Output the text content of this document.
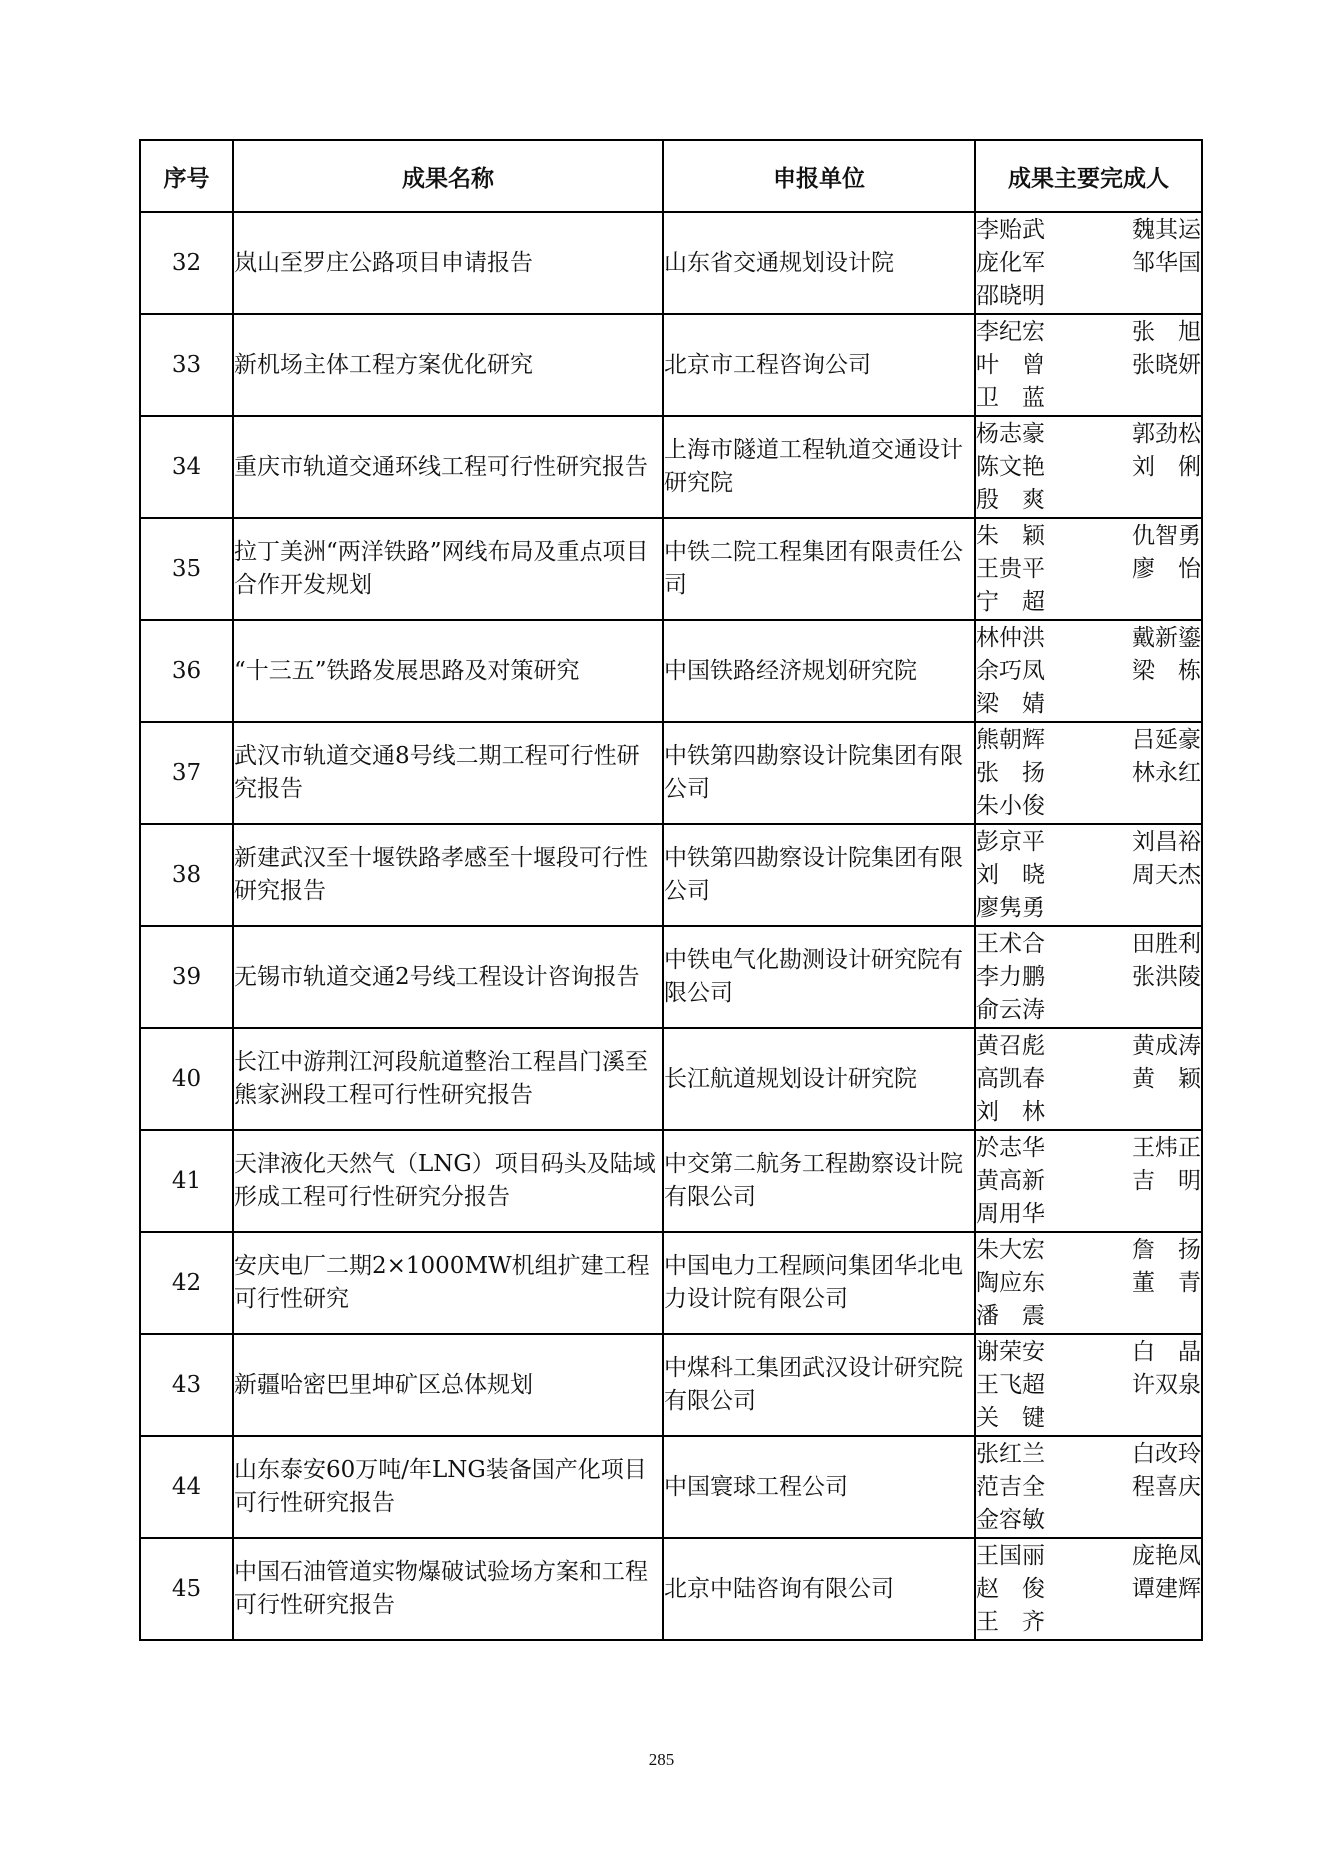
序号	成果名称	申报单位	成果主要完成人
32	岚山至罗庄公路项目申请报告	山东省交通规划设计院	李贻武 魏其运
庞化军 邹华国
邵晓明

33	新机场主体工程方案优化研究	北京市工程咨询公司	李纪宏 张　旭
叶　曾 张晓妍
卫　蓝

34	重庆市轨道交通环线工程可行性研究报告	上海市隧道工程轨道交通设计研究院	杨志豪 郭劲松
陈文艳 刘　俐
殷　爽

35	拉丁美洲“两洋铁路”网线布局及重点项目合作开发规划	中铁二院工程集团有限责任公司	朱　颖 仇智勇
王贵平 廖　怡
宁　超

36	“十三五”铁路发展思路及对策研究	中国铁路经济规划研究院	林仲洪 戴新鎏
余巧凤 梁　栋
梁　婧

37	武汉市轨道交通8号线二期工程可行性研究报告	中铁第四勘察设计院集团有限公司	熊朝辉 吕延豪
张　扬 林永红
朱小俊

38	新建武汉至十堰铁路孝感至十堰段可行性研究报告	中铁第四勘察设计院集团有限公司	彭京平 刘昌裕
刘　晓 周天杰
廖隽勇

39	无锡市轨道交通2号线工程设计咨询报告	中铁电气化勘测设计研究院有限公司	王术合 田胜利
李力鹏 张洪陵
俞云涛

40	长江中游荆江河段航道整治工程昌门溪至熊家洲段工程可行性研究报告	长江航道规划设计研究院	黄召彪 黄成涛
高凯春 黄　颖
刘　林

41	天津液化天然气（LNG）项目码头及陆域形成工程可行性研究分报告	中交第二航务工程勘察设计院有限公司	於志华 王炜正
黄高新 吉　明
周用华

42	安庆电厂二期2×1000MW机组扩建工程可行性研究	中国电力工程顾问集团华北电力设计院有限公司	朱大宏 詹　扬
陶应东 董　青
潘　震

43	新疆哈密巴里坤矿区总体规划	中煤科工集团武汉设计研究院有限公司	谢荣安 白　晶
王飞超 许双泉
关　键

44	山东泰安60万吨/年LNG装备国产化项目可行性研究报告	中国寰球工程公司	张红兰 白改玲
范吉全 程喜庆
金容敏

45	中国石油管道实物爆破试验场方案和工程可行性研究报告	北京中陆咨询有限公司	王国丽 庞艳凤
赵　俊 谭建辉
王　齐
285
